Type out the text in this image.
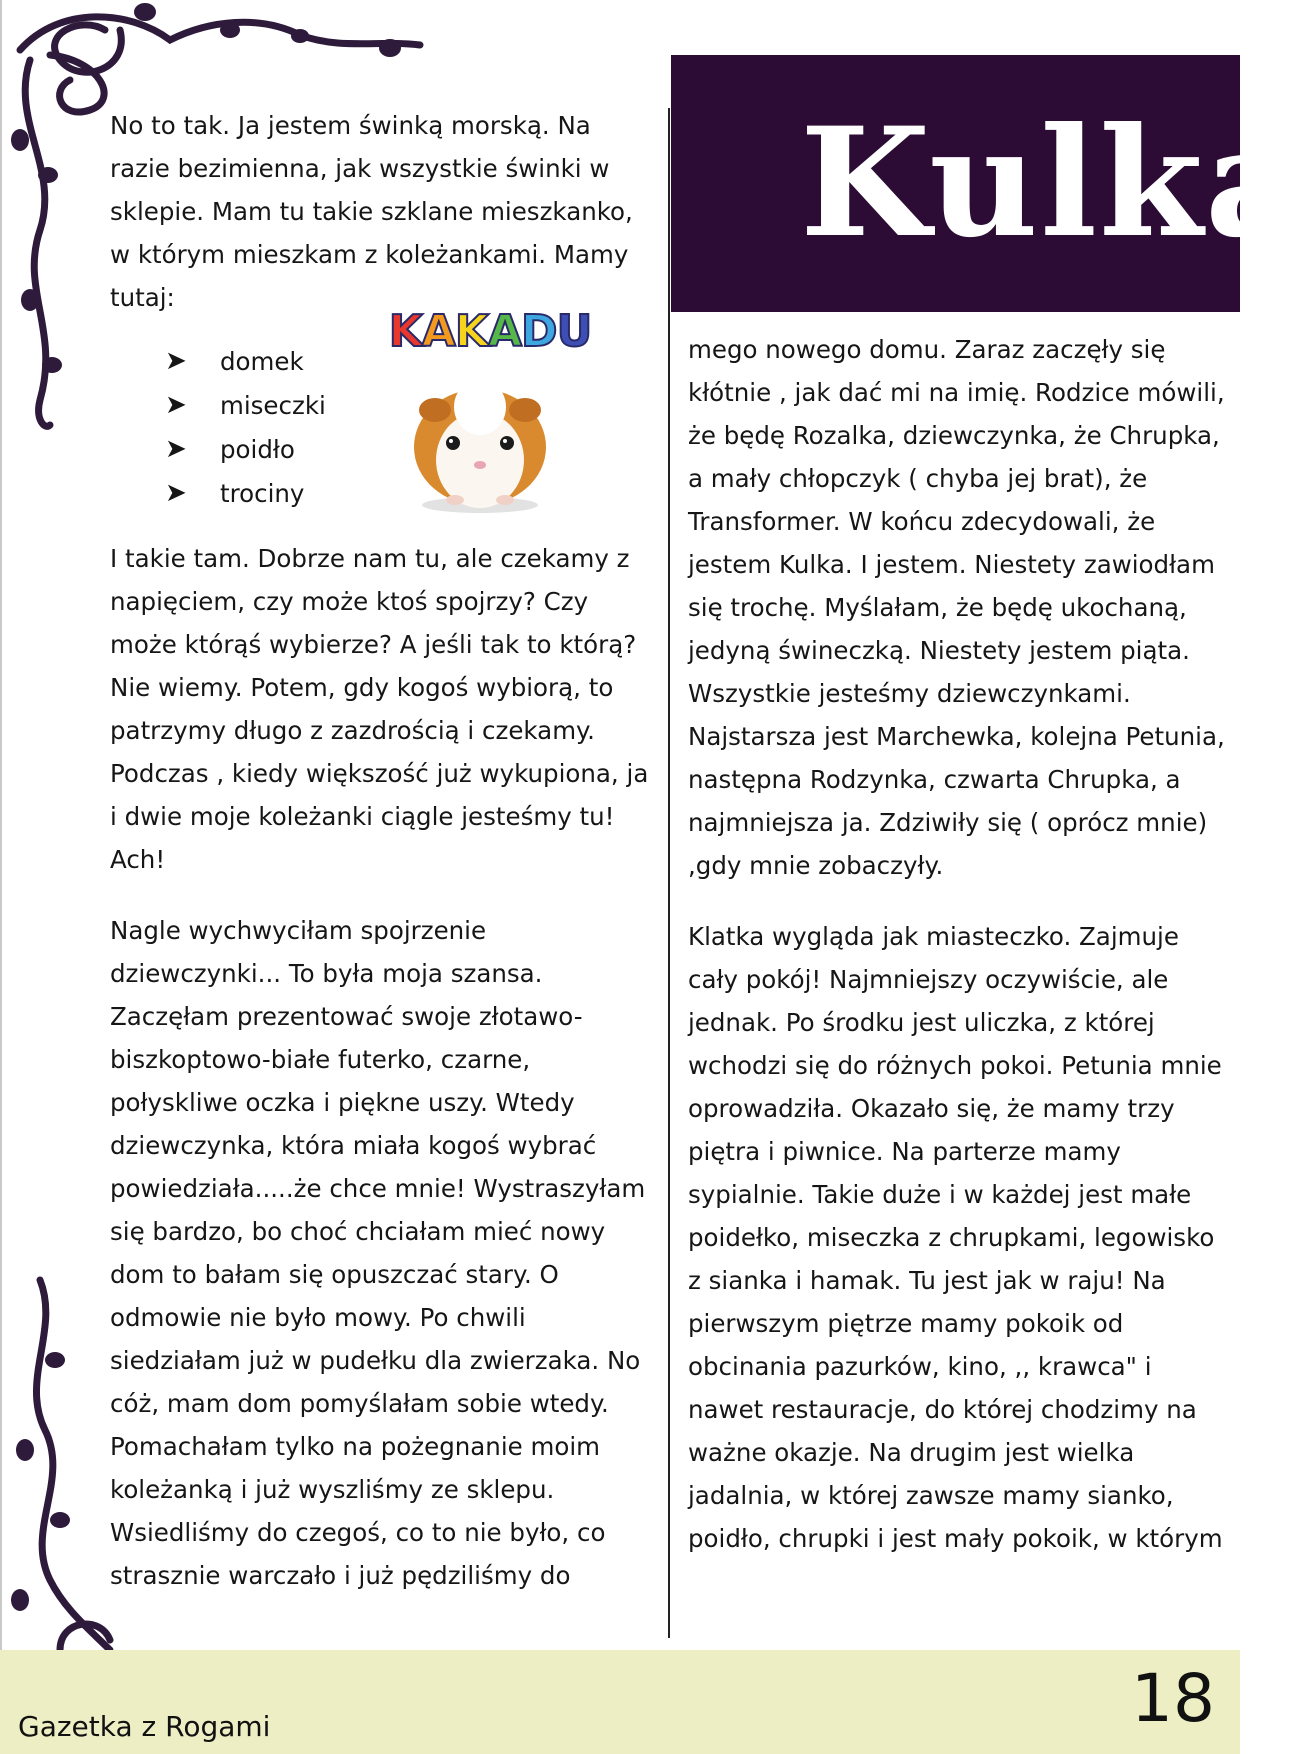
Kulka
KAKADU

No to tak. Ja jestem świnką morską. Na razie bezimienna, jak wszystkie świnki w sklepie. Mam tu takie szklane mieszkanko, w którym mieszkam z koleżankami. Mamy tutaj:

➤	domek
➤	miseczki
➤	poidło
➤	trociny

I takie tam. Dobrze nam tu, ale czekamy z napięciem, czy może ktoś spojrzy? Czy może którąś wybierze? A jeśli tak to którą? Nie wiemy. Potem, gdy kogoś wybiorą, to patrzymy długo z zazdrością i czekamy. Podczas , kiedy większość już wykupiona, ja i dwie moje koleżanki ciągle jesteśmy tu! Ach!

Nagle wychwyciłam spojrzenie dziewczynki... To była moja szansa. Zaczęłam prezentować swoje złotawo-biszkoptowo-białe futerko, czarne, połyskliwe oczka i piękne uszy. Wtedy dziewczynka, która miała kogoś wybrać powiedziała.....że chce mnie! Wystraszyłam się bardzo, bo choć chciałam mieć nowy dom to bałam się opuszczać stary. O odmowie nie było mowy. Po chwili siedziałam już w pudełku dla zwierzaka. No cóż, mam dom pomyślałam sobie wtedy. Pomachałam tylko na pożegnanie moim koleżanką i już wyszliśmy ze sklepu. Wsiedliśmy do czegoś, co to nie było, co strasznie warczało i już pędziliśmy do

mego nowego domu. Zaraz zaczęły się kłótnie , jak dać mi na imię. Rodzice mówili, że będę Rozalka, dziewczynka, że Chrupka, a mały chłopczyk ( chyba jej brat), że Transformer. W końcu zdecydowali, że jestem Kulka. I jestem. Niestety zawiodłam się trochę. Myślałam, że będę ukochaną, jedyną świneczką. Niestety jestem piąta. Wszystkie jesteśmy dziewczynkami. Najstarsza jest Marchewka, kolejna Petunia, następna Rodzynka, czwarta Chrupka, a najmniejsza ja. Zdziwiły się ( oprócz mnie) ,gdy mnie zobaczyły.

Klatka wygląda jak miasteczko. Zajmuje cały pokój! Najmniejszy oczywiście, ale jednak. Po środku jest uliczka, z której wchodzi się do różnych pokoi. Petunia mnie oprowadziła. Okazało się, że mamy trzy piętra i piwnice. Na parterze mamy sypialnie. Takie duże i w każdej jest małe poidełko, miseczka z chrupkami, legowisko z sianka i hamak. Tu jest jak w raju! Na pierwszym piętrze mamy pokoik od obcinania pazurków, kino, ,, krawca" i nawet restauracje, do której chodzimy na ważne okazje. Na drugim jest wielka jadalnia, w której zawsze mamy sianko, poidło, chrupki i jest mały pokoik, w którym

Gazetka z Rogami	18
